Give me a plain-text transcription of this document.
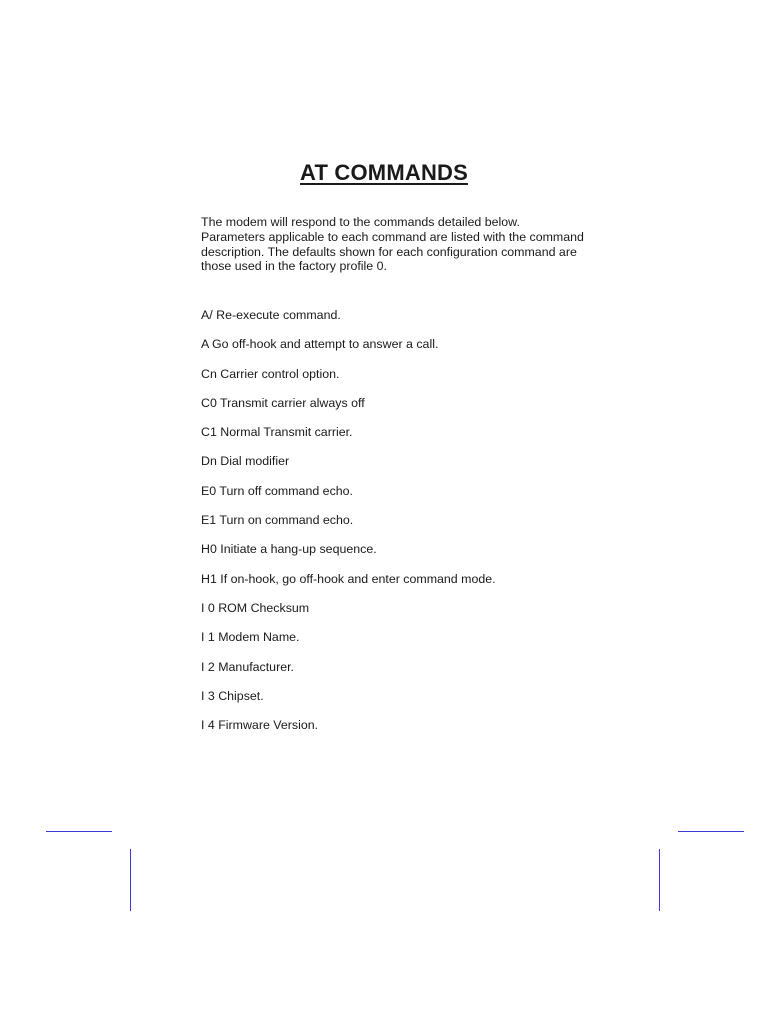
AT COMMANDS

The modem will respond to the commands detailed below.
Parameters applicable to each command are listed with the command
description. The defaults shown for each configuration command are
those used in the factory profile 0.

A/ Re-execute command.
A Go off-hook and attempt to answer a call.
Cn Carrier control option.
C0 Transmit carrier always off
C1 Normal Transmit carrier.
Dn Dial modifier
E0 Turn off command echo.
E1 Turn on command echo.
H0 Initiate a hang-up sequence.
H1 If on-hook, go off-hook and enter command mode.
I 0 ROM Checksum
I 1 Modem Name.
I 2 Manufacturer.
I 3 Chipset.
I 4 Firmware Version.
